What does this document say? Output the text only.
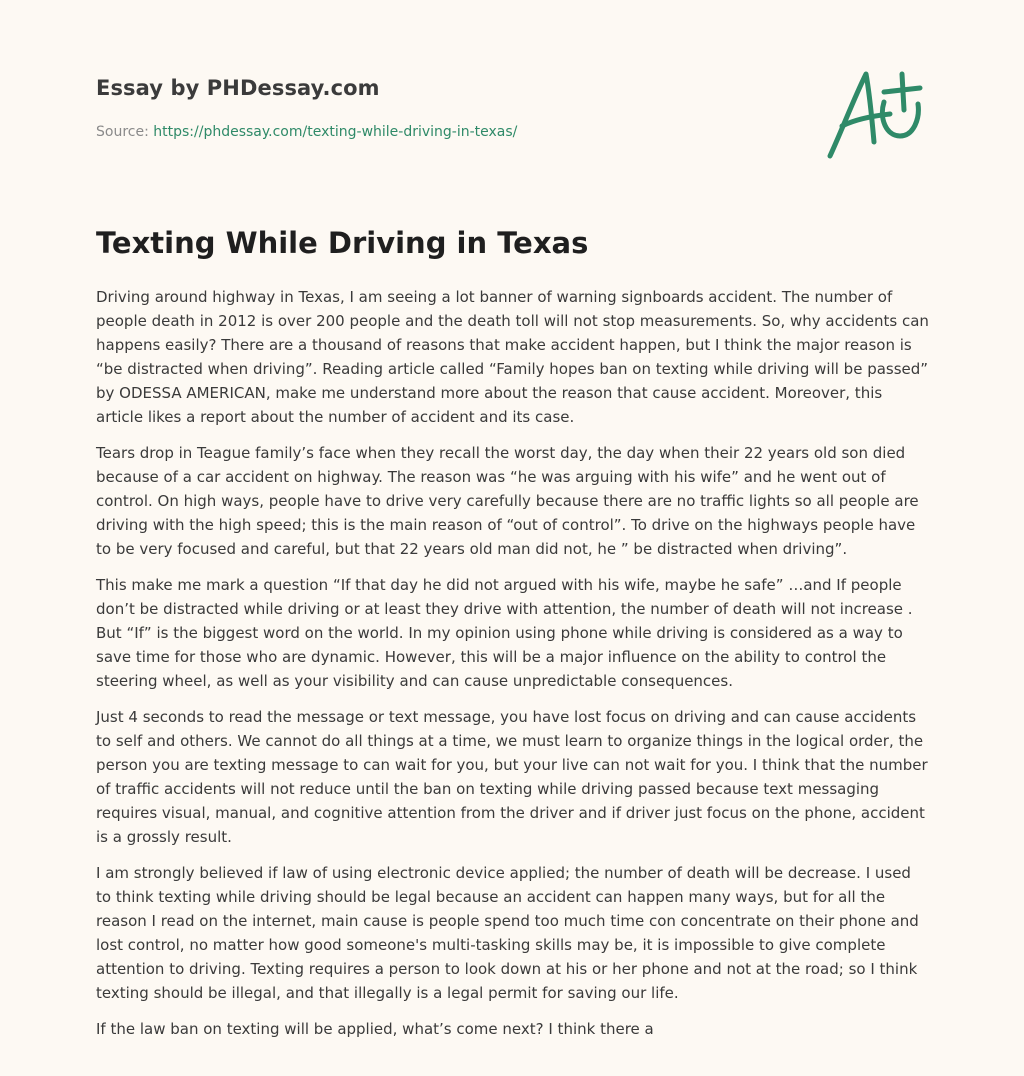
Essay by PHDessay.com
Source: https://phdessay.com/texting-while-driving-in-texas/
Texting While Driving in Texas

Driving around highway in Texas, I am seeing a lot banner of warning signboards accident. The number of people death in 2012 is over 200 people and the death toll will not stop measurements. So, why accidents can happens easily? There are a thousand of reasons that make accident happen, but I think the major reason is “be distracted when driving”. Reading article called “Family hopes ban on texting while driving will be passed” by ODESSA AMERICAN, make me understand more about the reason that cause accident. Moreover, this article likes a report about the number of accident and its case.

Tears drop in Teague family’s face when they recall the worst day, the day when their 22 years old son died because of a car accident on highway. The reason was “he was arguing with his wife” and he went out of control. On high ways, people have to drive very carefully because there are no traffic lights so all people are driving with the high speed; this is the main reason of “out of control”. To drive on the highways people have to be very focused and careful, but that 22 years old man did not, he ” be distracted when driving”.

This make me mark a question “If that day he did not argued with his wife, maybe he safe” …and If people don’t be distracted while driving or at least they drive with attention, the number of death will not increase . But “If” is the biggest word on the world. In my opinion using phone while driving is considered as a way to save time for those who are dynamic. However, this will be a major influence on the ability to control the steering wheel, as well as your visibility and can cause unpredictable consequences.

Just 4 seconds to read the message or text message, you have lost focus on driving and can cause accidents to self and others. We cannot do all things at a time, we must learn to organize things in the logical order, the person you are texting message to can wait for you, but your live can not wait for you. I think that the number of traffic accidents will not reduce until the ban on texting while driving passed because text messaging requires visual, manual, and cognitive attention from the driver and if driver just focus on the phone, accident is a grossly result.

I am strongly believed if law of using electronic device applied; the number of death will be decrease. I used to think texting while driving should be legal because an accident can happen many ways, but for all the reason I read on the internet, main cause is people spend too much time con concentrate on their phone and lost control, no matter how good someone's multi-tasking skills may be, it is impossible to give complete attention to driving. Texting requires a person to look down at his or her phone and not at the road; so I think texting should be illegal, and that illegally is a legal permit for saving our life.

If the law ban on texting will be applied, what’s come next? I think there a
